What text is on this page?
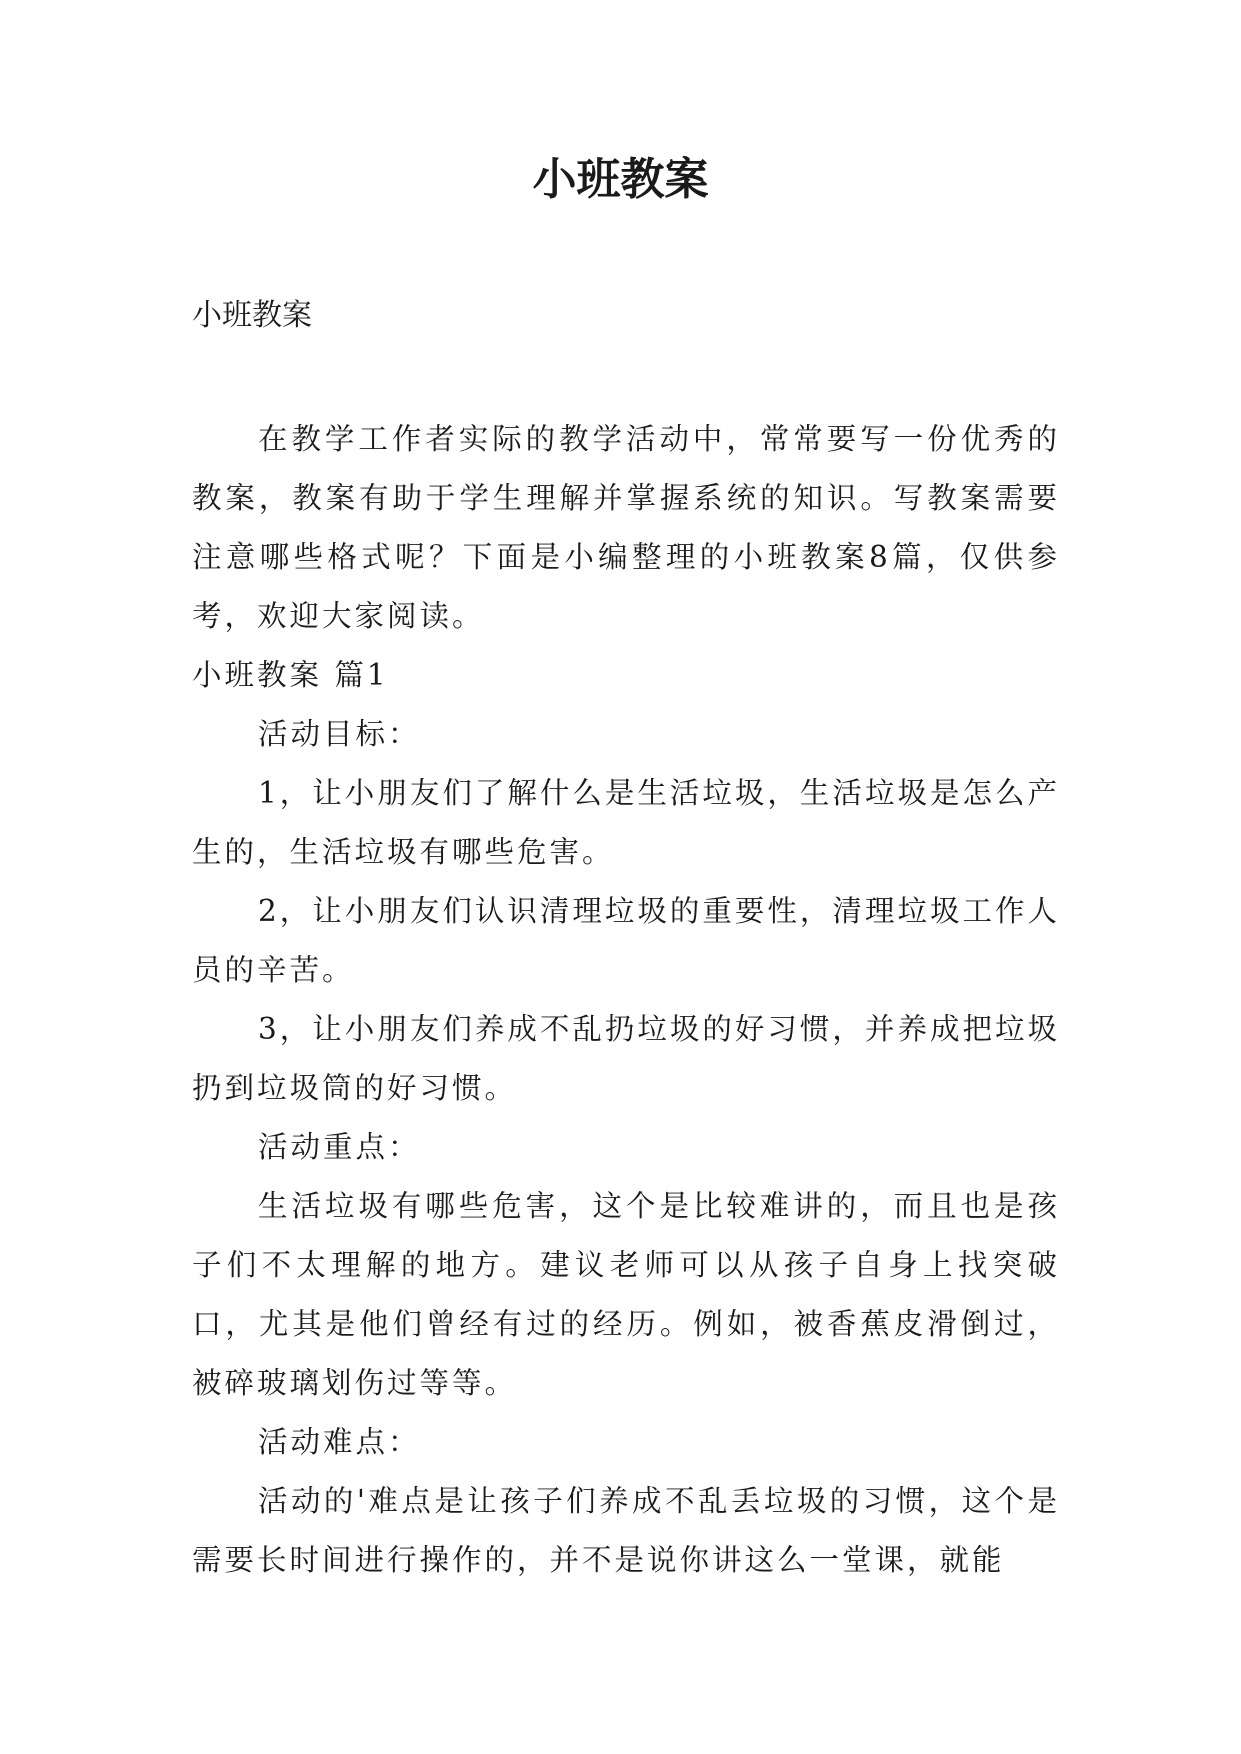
小班教案

小班教案

在教学工作者实际的教学活动中，常常要写一份优秀的教案，教案有助于学生理解并掌握系统的知识。写教案需要注意哪些格式呢？下面是小编整理的小班教案8篇，仅供参考，欢迎大家阅读。

小班教案 篇1

活动目标：

1，让小朋友们了解什么是生活垃圾，生活垃圾是怎么产生的，生活垃圾有哪些危害。

2，让小朋友们认识清理垃圾的重要性，清理垃圾工作人员的辛苦。

3，让小朋友们养成不乱扔垃圾的好习惯，并养成把垃圾扔到垃圾筒的好习惯。

活动重点：

生活垃圾有哪些危害，这个是比较难讲的，而且也是孩子们不太理解的地方。建议老师可以从孩子自身上找突破口，尤其是他们曾经有过的经历。例如，被香蕉皮滑倒过，被碎玻璃划伤过等等。

活动难点：

活动的'难点是让孩子们养成不乱丢垃圾的习惯，这个是需要长时间进行操作的，并不是说你讲这么一堂课，就能
